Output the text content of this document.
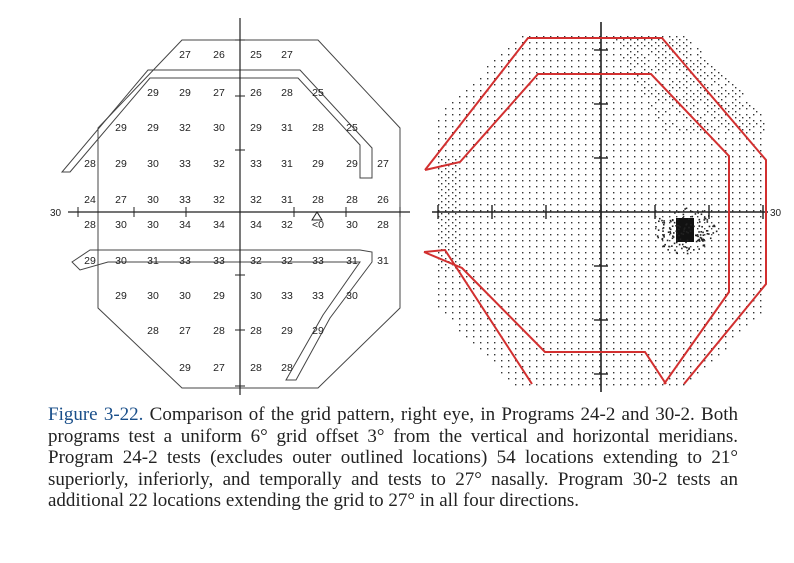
30
27 26 25 27
29 29 27 26 28 25
29 29 32 30 29 31 28 25
28 29 30 33 32 33 31 29 29 27
24 27 30 33 32 32 31 28 28 26
28 30 30 34 34 34 32 <0 30 28
29 30 31 33 33 32 32 33 31 31
29 30 30 29 30 33 33 30
28 27 28 28 29 29
29 27 28 28
30
Figure 3-22. Comparison of the grid pattern, right eye, in Programs 24-2 and 30-2. Both programs test a uniform 6° grid offset 3° from the vertical and horizontal meridians. Program 24-2 tests (excludes outer outlined locations) 54 locations extending to 21° superiorly, inferiorly, and temporally and tests to 27° nasally. Program 30-2 tests an additional 22 locations extending the grid to 27° in all four directions.
